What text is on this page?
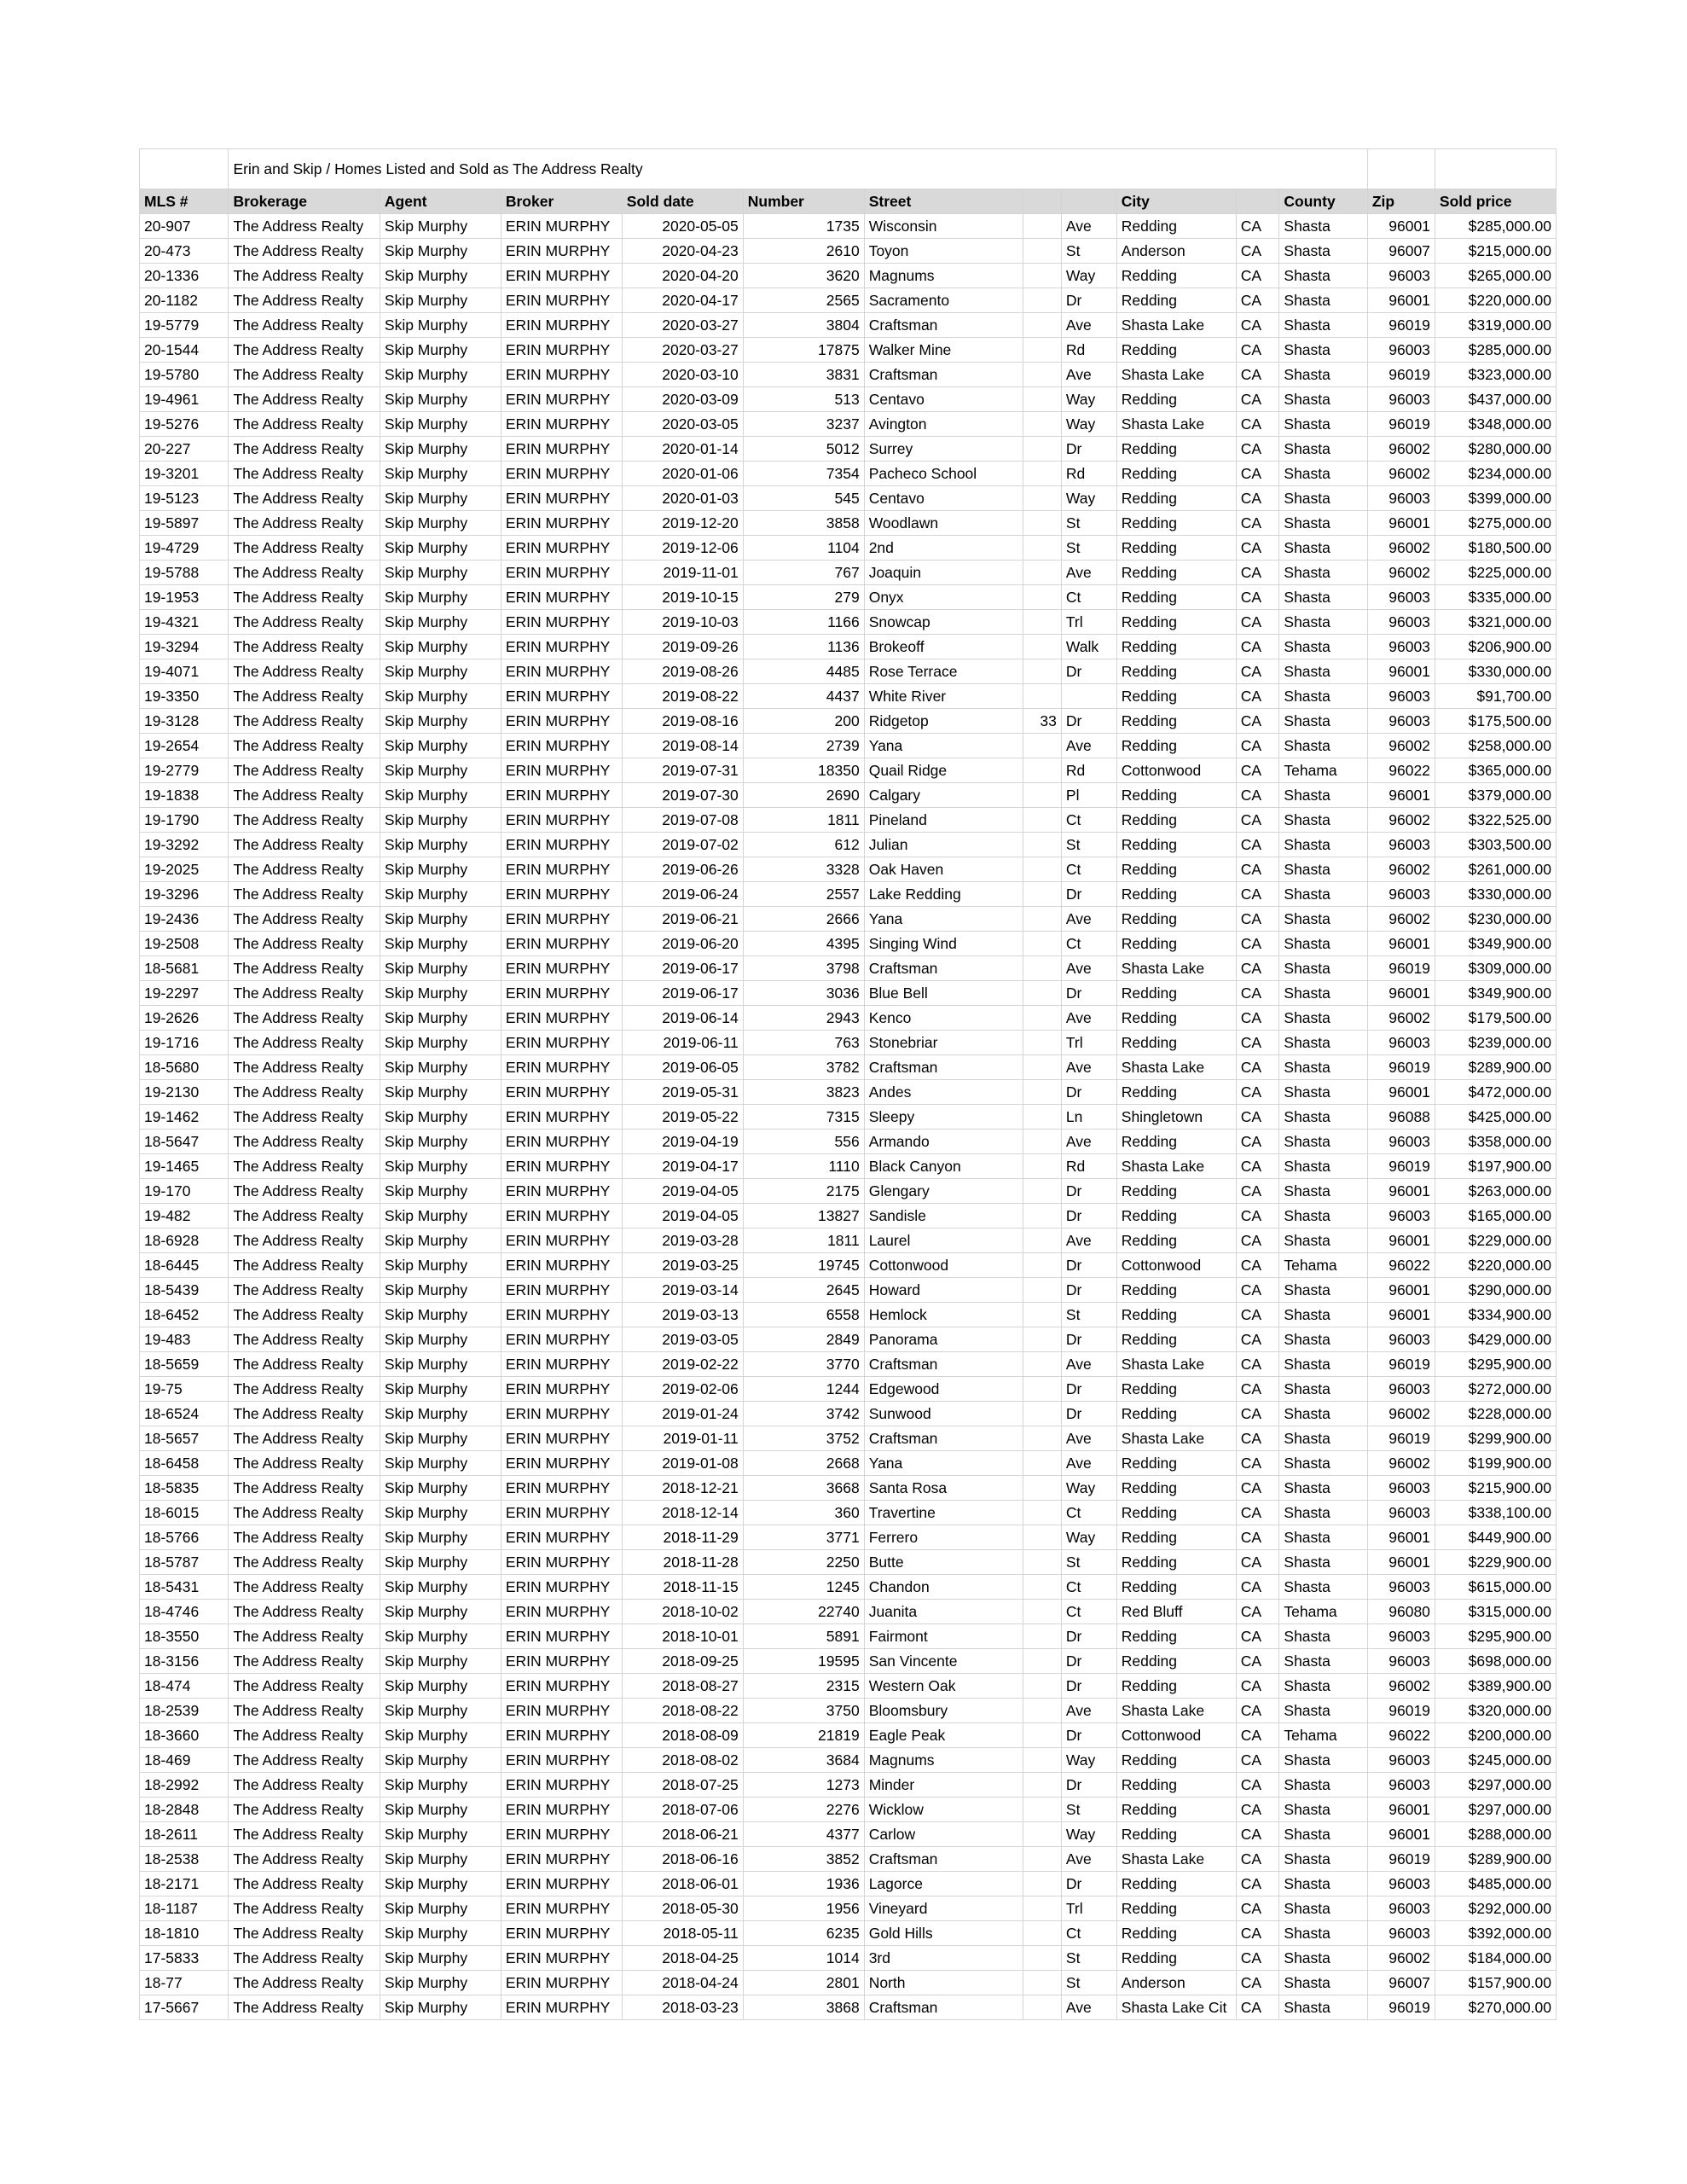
	Erin and Skip / Homes Listed and Sold as The Address Realty												
MLS #	Brokerage	Agent	Broker	Sold date	Number	Street			City		County	Zip	Sold price
20-907	The Address Realty	Skip Murphy	ERIN MURPHY	2020-05-05	1735	Wisconsin		Ave	Redding	CA	Shasta	96001	$285,000.00
20-473	The Address Realty	Skip Murphy	ERIN MURPHY	2020-04-23	2610	Toyon		St	Anderson	CA	Shasta	96007	$215,000.00
20-1336	The Address Realty	Skip Murphy	ERIN MURPHY	2020-04-20	3620	Magnums		Way	Redding	CA	Shasta	96003	$265,000.00
20-1182	The Address Realty	Skip Murphy	ERIN MURPHY	2020-04-17	2565	Sacramento		Dr	Redding	CA	Shasta	96001	$220,000.00
19-5779	The Address Realty	Skip Murphy	ERIN MURPHY	2020-03-27	3804	Craftsman		Ave	Shasta Lake	CA	Shasta	96019	$319,000.00
20-1544	The Address Realty	Skip Murphy	ERIN MURPHY	2020-03-27	17875	Walker Mine		Rd	Redding	CA	Shasta	96003	$285,000.00
19-5780	The Address Realty	Skip Murphy	ERIN MURPHY	2020-03-10	3831	Craftsman		Ave	Shasta Lake	CA	Shasta	96019	$323,000.00
19-4961	The Address Realty	Skip Murphy	ERIN MURPHY	2020-03-09	513	Centavo		Way	Redding	CA	Shasta	96003	$437,000.00
19-5276	The Address Realty	Skip Murphy	ERIN MURPHY	2020-03-05	3237	Avington		Way	Shasta Lake	CA	Shasta	96019	$348,000.00
20-227	The Address Realty	Skip Murphy	ERIN MURPHY	2020-01-14	5012	Surrey		Dr	Redding	CA	Shasta	96002	$280,000.00
19-3201	The Address Realty	Skip Murphy	ERIN MURPHY	2020-01-06	7354	Pacheco School		Rd	Redding	CA	Shasta	96002	$234,000.00
19-5123	The Address Realty	Skip Murphy	ERIN MURPHY	2020-01-03	545	Centavo		Way	Redding	CA	Shasta	96003	$399,000.00
19-5897	The Address Realty	Skip Murphy	ERIN MURPHY	2019-12-20	3858	Woodlawn		St	Redding	CA	Shasta	96001	$275,000.00
19-4729	The Address Realty	Skip Murphy	ERIN MURPHY	2019-12-06	1104	2nd		St	Redding	CA	Shasta	96002	$180,500.00
19-5788	The Address Realty	Skip Murphy	ERIN MURPHY	2019-11-01	767	Joaquin		Ave	Redding	CA	Shasta	96002	$225,000.00
19-1953	The Address Realty	Skip Murphy	ERIN MURPHY	2019-10-15	279	Onyx		Ct	Redding	CA	Shasta	96003	$335,000.00
19-4321	The Address Realty	Skip Murphy	ERIN MURPHY	2019-10-03	1166	Snowcap		Trl	Redding	CA	Shasta	96003	$321,000.00
19-3294	The Address Realty	Skip Murphy	ERIN MURPHY	2019-09-26	1136	Brokeoff		Walk	Redding	CA	Shasta	96003	$206,900.00
19-4071	The Address Realty	Skip Murphy	ERIN MURPHY	2019-08-26	4485	Rose Terrace		Dr	Redding	CA	Shasta	96001	$330,000.00
19-3350	The Address Realty	Skip Murphy	ERIN MURPHY	2019-08-22	4437	White River			Redding	CA	Shasta	96003	$91,700.00
19-3128	The Address Realty	Skip Murphy	ERIN MURPHY	2019-08-16	200	Ridgetop	33	Dr	Redding	CA	Shasta	96003	$175,500.00
19-2654	The Address Realty	Skip Murphy	ERIN MURPHY	2019-08-14	2739	Yana		Ave	Redding	CA	Shasta	96002	$258,000.00
19-2779	The Address Realty	Skip Murphy	ERIN MURPHY	2019-07-31	18350	Quail Ridge		Rd	Cottonwood	CA	Tehama	96022	$365,000.00
19-1838	The Address Realty	Skip Murphy	ERIN MURPHY	2019-07-30	2690	Calgary		Pl	Redding	CA	Shasta	96001	$379,000.00
19-1790	The Address Realty	Skip Murphy	ERIN MURPHY	2019-07-08	1811	Pineland		Ct	Redding	CA	Shasta	96002	$322,525.00
19-3292	The Address Realty	Skip Murphy	ERIN MURPHY	2019-07-02	612	Julian		St	Redding	CA	Shasta	96003	$303,500.00
19-2025	The Address Realty	Skip Murphy	ERIN MURPHY	2019-06-26	3328	Oak Haven		Ct	Redding	CA	Shasta	96002	$261,000.00
19-3296	The Address Realty	Skip Murphy	ERIN MURPHY	2019-06-24	2557	Lake Redding		Dr	Redding	CA	Shasta	96003	$330,000.00
19-2436	The Address Realty	Skip Murphy	ERIN MURPHY	2019-06-21	2666	Yana		Ave	Redding	CA	Shasta	96002	$230,000.00
19-2508	The Address Realty	Skip Murphy	ERIN MURPHY	2019-06-20	4395	Singing Wind		Ct	Redding	CA	Shasta	96001	$349,900.00
18-5681	The Address Realty	Skip Murphy	ERIN MURPHY	2019-06-17	3798	Craftsman		Ave	Shasta Lake	CA	Shasta	96019	$309,000.00
19-2297	The Address Realty	Skip Murphy	ERIN MURPHY	2019-06-17	3036	Blue Bell		Dr	Redding	CA	Shasta	96001	$349,900.00
19-2626	The Address Realty	Skip Murphy	ERIN MURPHY	2019-06-14	2943	Kenco		Ave	Redding	CA	Shasta	96002	$179,500.00
19-1716	The Address Realty	Skip Murphy	ERIN MURPHY	2019-06-11	763	Stonebriar		Trl	Redding	CA	Shasta	96003	$239,000.00
18-5680	The Address Realty	Skip Murphy	ERIN MURPHY	2019-06-05	3782	Craftsman		Ave	Shasta Lake	CA	Shasta	96019	$289,900.00
19-2130	The Address Realty	Skip Murphy	ERIN MURPHY	2019-05-31	3823	Andes		Dr	Redding	CA	Shasta	96001	$472,000.00
19-1462	The Address Realty	Skip Murphy	ERIN MURPHY	2019-05-22	7315	Sleepy		Ln	Shingletown	CA	Shasta	96088	$425,000.00
18-5647	The Address Realty	Skip Murphy	ERIN MURPHY	2019-04-19	556	Armando		Ave	Redding	CA	Shasta	96003	$358,000.00
19-1465	The Address Realty	Skip Murphy	ERIN MURPHY	2019-04-17	1110	Black Canyon		Rd	Shasta Lake	CA	Shasta	96019	$197,900.00
19-170	The Address Realty	Skip Murphy	ERIN MURPHY	2019-04-05	2175	Glengary		Dr	Redding	CA	Shasta	96001	$263,000.00
19-482	The Address Realty	Skip Murphy	ERIN MURPHY	2019-04-05	13827	Sandisle		Dr	Redding	CA	Shasta	96003	$165,000.00
18-6928	The Address Realty	Skip Murphy	ERIN MURPHY	2019-03-28	1811	Laurel		Ave	Redding	CA	Shasta	96001	$229,000.00
18-6445	The Address Realty	Skip Murphy	ERIN MURPHY	2019-03-25	19745	Cottonwood		Dr	Cottonwood	CA	Tehama	96022	$220,000.00
18-5439	The Address Realty	Skip Murphy	ERIN MURPHY	2019-03-14	2645	Howard		Dr	Redding	CA	Shasta	96001	$290,000.00
18-6452	The Address Realty	Skip Murphy	ERIN MURPHY	2019-03-13	6558	Hemlock		St	Redding	CA	Shasta	96001	$334,900.00
19-483	The Address Realty	Skip Murphy	ERIN MURPHY	2019-03-05	2849	Panorama		Dr	Redding	CA	Shasta	96003	$429,000.00
18-5659	The Address Realty	Skip Murphy	ERIN MURPHY	2019-02-22	3770	Craftsman		Ave	Shasta Lake	CA	Shasta	96019	$295,900.00
19-75	The Address Realty	Skip Murphy	ERIN MURPHY	2019-02-06	1244	Edgewood		Dr	Redding	CA	Shasta	96003	$272,000.00
18-6524	The Address Realty	Skip Murphy	ERIN MURPHY	2019-01-24	3742	Sunwood		Dr	Redding	CA	Shasta	96002	$228,000.00
18-5657	The Address Realty	Skip Murphy	ERIN MURPHY	2019-01-11	3752	Craftsman		Ave	Shasta Lake	CA	Shasta	96019	$299,900.00
18-6458	The Address Realty	Skip Murphy	ERIN MURPHY	2019-01-08	2668	Yana		Ave	Redding	CA	Shasta	96002	$199,900.00
18-5835	The Address Realty	Skip Murphy	ERIN MURPHY	2018-12-21	3668	Santa Rosa		Way	Redding	CA	Shasta	96003	$215,900.00
18-6015	The Address Realty	Skip Murphy	ERIN MURPHY	2018-12-14	360	Travertine		Ct	Redding	CA	Shasta	96003	$338,100.00
18-5766	The Address Realty	Skip Murphy	ERIN MURPHY	2018-11-29	3771	Ferrero		Way	Redding	CA	Shasta	96001	$449,900.00
18-5787	The Address Realty	Skip Murphy	ERIN MURPHY	2018-11-28	2250	Butte		St	Redding	CA	Shasta	96001	$229,900.00
18-5431	The Address Realty	Skip Murphy	ERIN MURPHY	2018-11-15	1245	Chandon		Ct	Redding	CA	Shasta	96003	$615,000.00
18-4746	The Address Realty	Skip Murphy	ERIN MURPHY	2018-10-02	22740	Juanita		Ct	Red Bluff	CA	Tehama	96080	$315,000.00
18-3550	The Address Realty	Skip Murphy	ERIN MURPHY	2018-10-01	5891	Fairmont		Dr	Redding	CA	Shasta	96003	$295,900.00
18-3156	The Address Realty	Skip Murphy	ERIN MURPHY	2018-09-25	19595	San Vincente		Dr	Redding	CA	Shasta	96003	$698,000.00
18-474	The Address Realty	Skip Murphy	ERIN MURPHY	2018-08-27	2315	Western Oak		Dr	Redding	CA	Shasta	96002	$389,900.00
18-2539	The Address Realty	Skip Murphy	ERIN MURPHY	2018-08-22	3750	Bloomsbury		Ave	Shasta Lake	CA	Shasta	96019	$320,000.00
18-3660	The Address Realty	Skip Murphy	ERIN MURPHY	2018-08-09	21819	Eagle Peak		Dr	Cottonwood	CA	Tehama	96022	$200,000.00
18-469	The Address Realty	Skip Murphy	ERIN MURPHY	2018-08-02	3684	Magnums		Way	Redding	CA	Shasta	96003	$245,000.00
18-2992	The Address Realty	Skip Murphy	ERIN MURPHY	2018-07-25	1273	Minder		Dr	Redding	CA	Shasta	96003	$297,000.00
18-2848	The Address Realty	Skip Murphy	ERIN MURPHY	2018-07-06	2276	Wicklow		St	Redding	CA	Shasta	96001	$297,000.00
18-2611	The Address Realty	Skip Murphy	ERIN MURPHY	2018-06-21	4377	Carlow		Way	Redding	CA	Shasta	96001	$288,000.00
18-2538	The Address Realty	Skip Murphy	ERIN MURPHY	2018-06-16	3852	Craftsman		Ave	Shasta Lake	CA	Shasta	96019	$289,900.00
18-2171	The Address Realty	Skip Murphy	ERIN MURPHY	2018-06-01	1936	Lagorce		Dr	Redding	CA	Shasta	96003	$485,000.00
18-1187	The Address Realty	Skip Murphy	ERIN MURPHY	2018-05-30	1956	Vineyard		Trl	Redding	CA	Shasta	96003	$292,000.00
18-1810	The Address Realty	Skip Murphy	ERIN MURPHY	2018-05-11	6235	Gold Hills		Ct	Redding	CA	Shasta	96003	$392,000.00
17-5833	The Address Realty	Skip Murphy	ERIN MURPHY	2018-04-25	1014	3rd		St	Redding	CA	Shasta	96002	$184,000.00
18-77	The Address Realty	Skip Murphy	ERIN MURPHY	2018-04-24	2801	North		St	Anderson	CA	Shasta	96007	$157,900.00
17-5667	The Address Realty	Skip Murphy	ERIN MURPHY	2018-03-23	3868	Craftsman		Ave	Shasta Lake Cit	CA	Shasta	96019	$270,000.00
